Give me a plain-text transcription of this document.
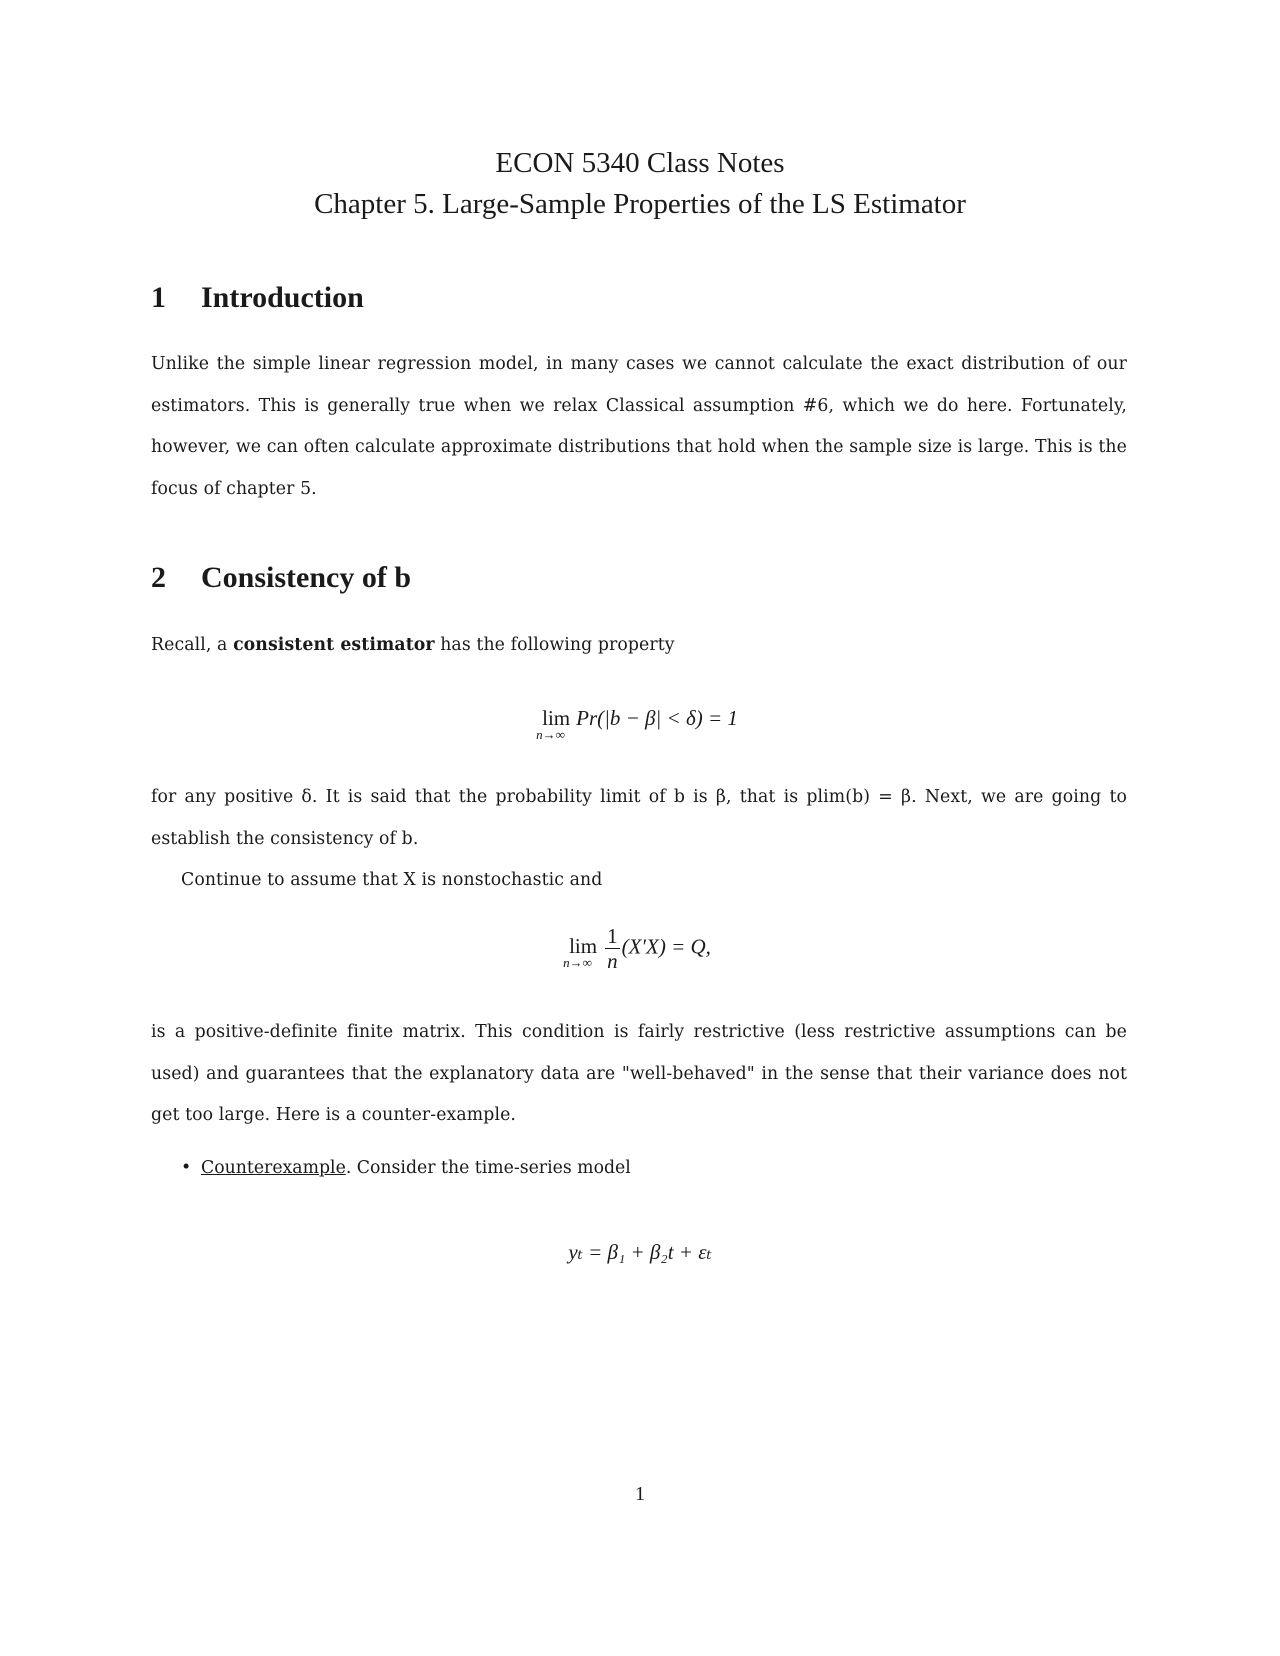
ECON 5340 Class Notes
Chapter 5. Large-Sample Properties of the LS Estimator
1 Introduction
Unlike the simple linear regression model, in many cases we cannot calculate the exact distribution of our estimators. This is generally true when we relax Classical assumption #6, which we do here. Fortunately, however, we can often calculate approximate distributions that hold when the sample size is large. This is the focus of chapter 5.
2 Consistency of b
Recall, a consistent estimator has the following property
lim
n→∞
Pr(|b − β| < δ) = 1
for any positive δ. It is said that the probability limit of b is β, that is plim(b) = β. Next, we are going to establish the consistency of b.
Continue to assume that X is nonstochastic and
lim
$n\to\infty \frac{1}{n} (X'X) = Q$,
is a positive-definite finite matrix. This condition is fairly restrictive (less restrictive assumptions can be used) and guarantees that the explanatory data are "well-behaved" in the sense that their variance does not get too large. Here is a counter-example.
• Counterexample. Consider the time-series model
yₜ = β₁ + β₂t + εₜ
1
